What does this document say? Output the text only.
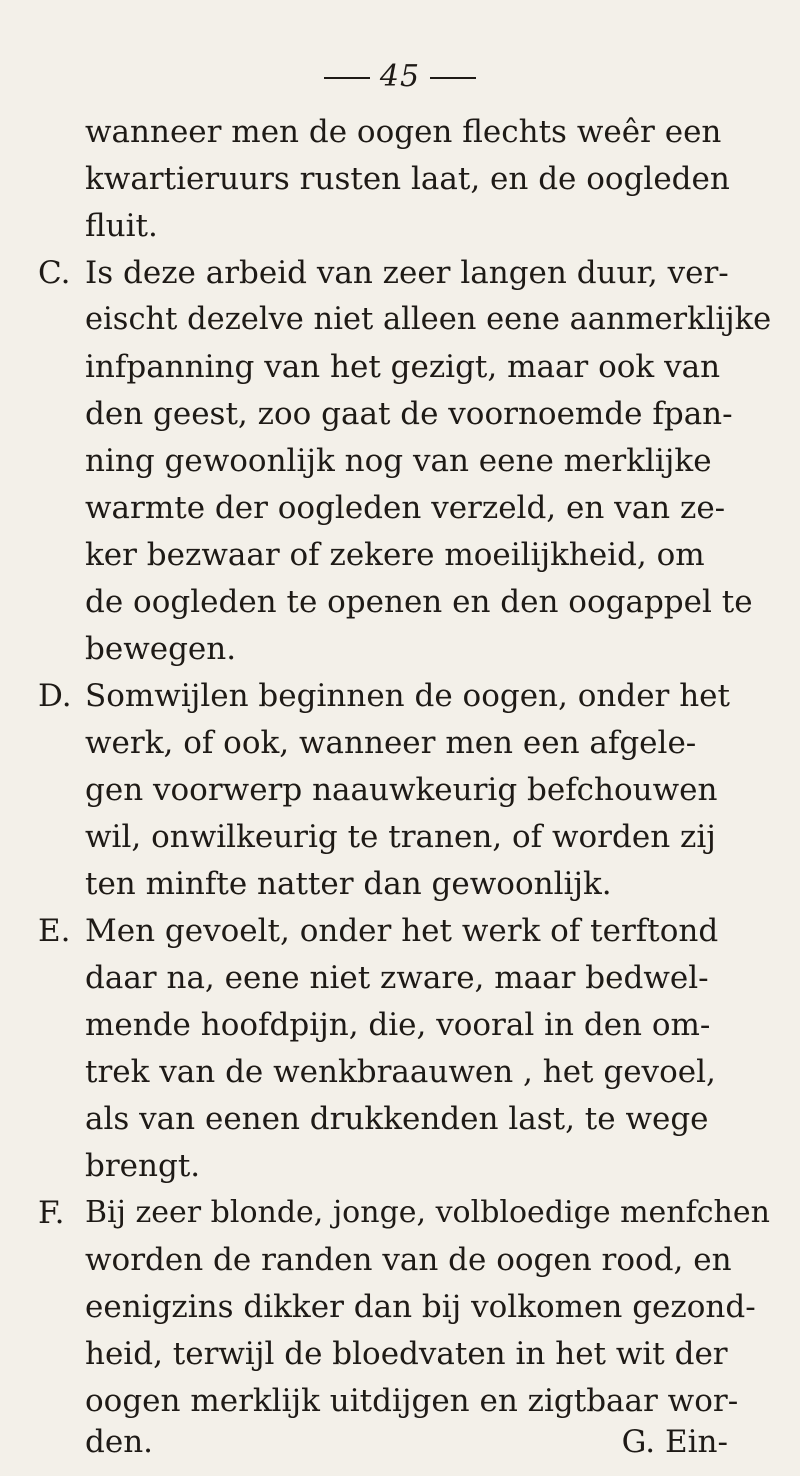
45
wanneer men de oogen flechts weêr een
kwartieruurs rusten laat, en de oogleden
fluit.
C. Is deze arbeid van zeer langen duur, ver-
eischt dezelve niet alleen eene aanmerklijke
infpanning van het gezigt, maar ook van
den geest, zoo gaat de voornoemde fpan-
ning gewoonlijk nog van eene merklijke
warmte der oogleden verzeld, en van ze-
ker bezwaar of zekere moeilijkheid, om
de oogleden te openen en den oogappel te
bewegen.
D. Somwijlen beginnen de oogen, onder het
werk, of ook, wanneer men een afgele-
gen voorwerp naauwkeurig befchouwen
wil, onwilkeurig te tranen, of worden zij
ten minfte natter dan gewoonlijk.
E. Men gevoelt, onder het werk of terftond
daar na, eene niet zware, maar bedwel-
mende hoofdpijn, die, vooral in den om-
trek van de wenkbraauwen , het gevoel,
als van eenen drukkenden last, te wege
brengt.
F. Bij zeer blonde, jonge, volbloedige menfchen
worden de randen van de oogen rood, en
eenigzins dikker dan bij volkomen gezond-
heid, terwijl de bloedvaten in het wit der
oogen merklijk uitdijgen en zigtbaar wor-
den.	G. Ein-
